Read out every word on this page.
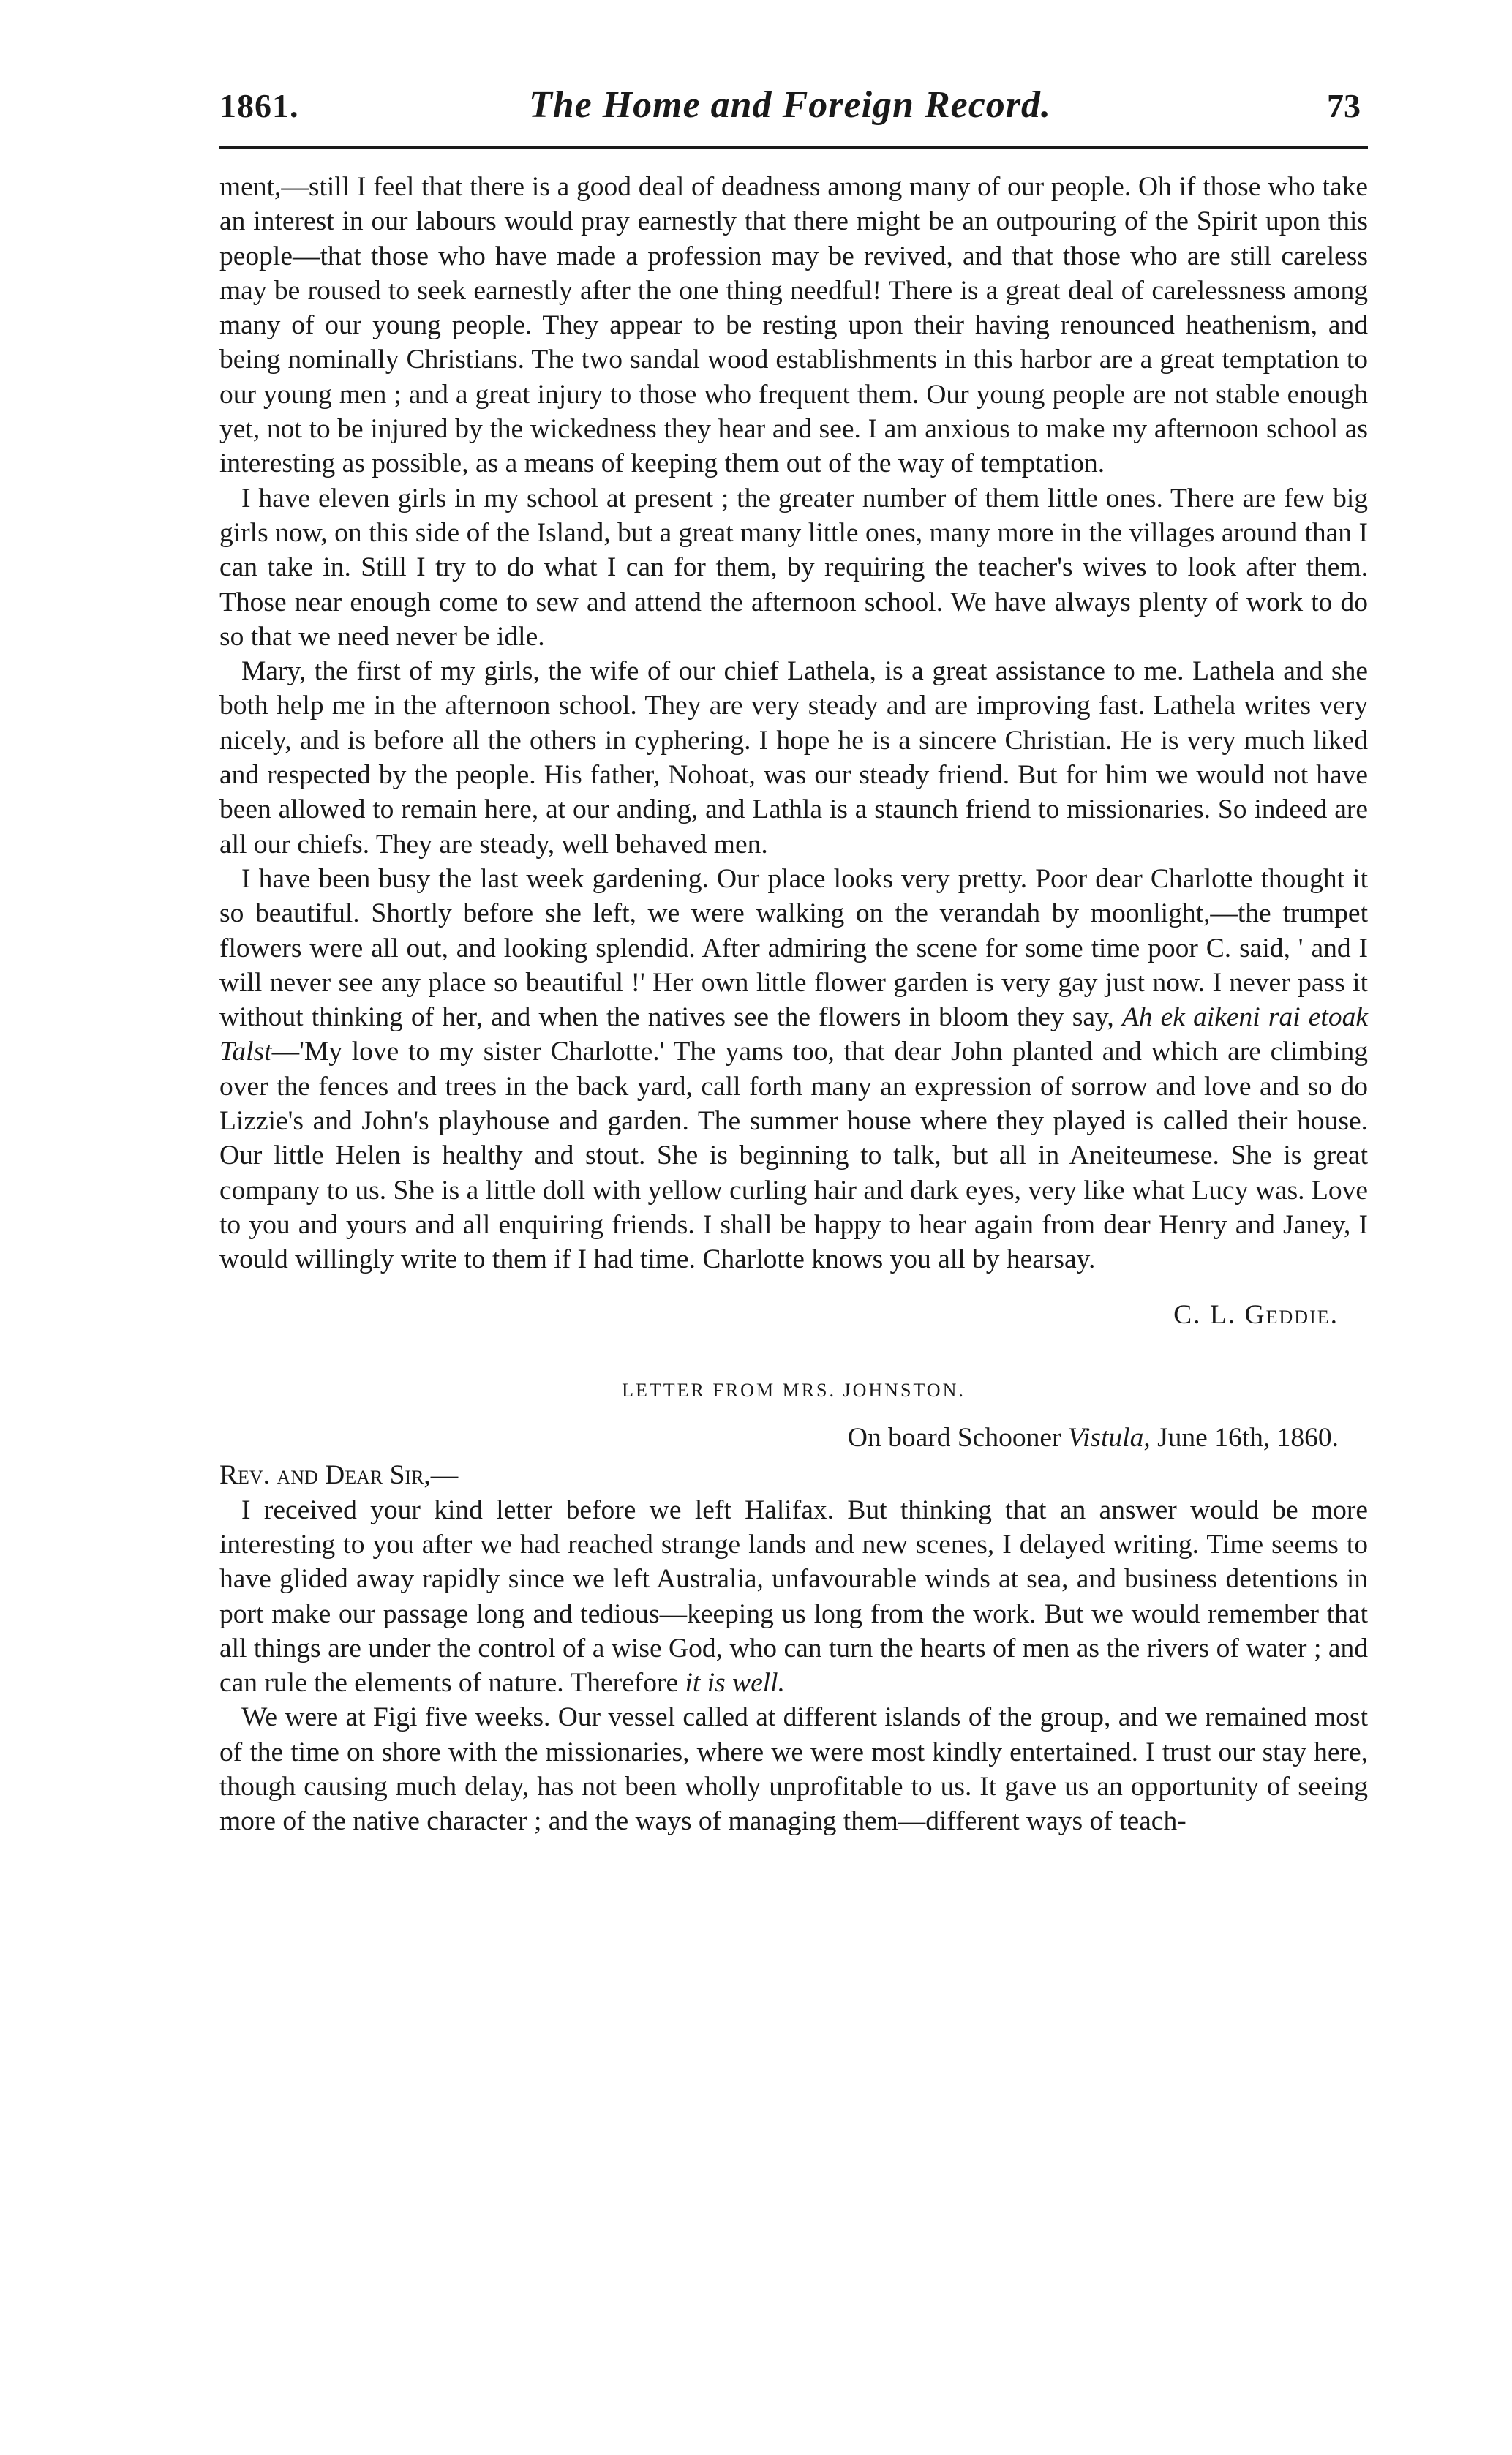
1861.	The Home and Foreign Record.	73

ment,—still I feel that there is a good deal of deadness among many of our people. Oh if those who take an interest in our labours would pray earnestly that there might be an outpouring of the Spirit upon this people—that those who have made a profession may be revived, and that those who are still careless may be roused to seek earnestly after the one thing needful! There is a great deal of carelessness among many of our young people. They appear to be resting upon their having renounced heathenism, and being nominally Christians. The two sandal wood establishments in this harbor are a great temptation to our young men ; and a great injury to those who frequent them. Our young people are not stable enough yet, not to be injured by the wickedness they hear and see. I am anxious to make my afternoon school as interesting as possible, as a means of keeping them out of the way of temptation.

I have eleven girls in my school at present ; the greater number of them little ones. There are few big girls now, on this side of the Island, but a great many little ones, many more in the villages around than I can take in. Still I try to do what I can for them, by requiring the teacher's wives to look after them. Those near enough come to sew and attend the afternoon school. We have always plenty of work to do so that we need never be idle.

Mary, the first of my girls, the wife of our chief Lathela, is a great assistance to me. Lathela and she both help me in the afternoon school. They are very steady and are improving fast. Lathela writes very nicely, and is before all the others in cyphering. I hope he is a sincere Christian. He is very much liked and respected by the people. His father, Nohoat, was our steady friend. But for him we would not have been allowed to remain here, at our anding, and Lathla is a staunch friend to missionaries. So indeed are all our chiefs. They are steady, well behaved men.

I have been busy the last week gardening. Our place looks very pretty. Poor dear Charlotte thought it so beautiful. Shortly before she left, we were walking on the verandah by moonlight,—the trumpet flowers were all out, and looking splendid. After admiring the scene for some time poor C. said, ' and I will never see any place so beautiful !' Her own little flower garden is very gay just now. I never pass it without thinking of her, and when the natives see the flowers in bloom they say, Ah ek aikeni rai etoak Talst—'My love to my sister Charlotte.' The yams too, that dear John planted and which are climbing over the fences and trees in the back yard, call forth many an expression of sorrow and love and so do Lizzie's and John's playhouse and garden. The summer house where they played is called their house. Our little Helen is healthy and stout. She is beginning to talk, but all in Aneiteumese. She is great company to us. She is a little doll with yellow curling hair and dark eyes, very like what Lucy was. Love to you and yours and all enquiring friends. I shall be happy to hear again from dear Henry and Janey, I would willingly write to them if I had time. Charlotte knows you all by hearsay.

C. L. Geddie.

LETTER FROM MRS. JOHNSTON.

On board Schooner Vistula, June 16th, 1860.

Rev. and Dear Sir,—

I received your kind letter before we left Halifax. But thinking that an answer would be more interesting to you after we had reached strange lands and new scenes, I delayed writing. Time seems to have glided away rapidly since we left Australia, unfavourable winds at sea, and business detentions in port make our passage long and tedious—keeping us long from the work. But we would remember that all things are under the control of a wise God, who can turn the hearts of men as the rivers of water ; and can rule the elements of nature. Therefore it is well.

We were at Figi five weeks. Our vessel called at different islands of the group, and we remained most of the time on shore with the missionaries, where we were most kindly entertained. I trust our stay here, though causing much delay, has not been wholly unprofitable to us. It gave us an opportunity of seeing more of the native character ; and the ways of managing them—different ways of teach-
